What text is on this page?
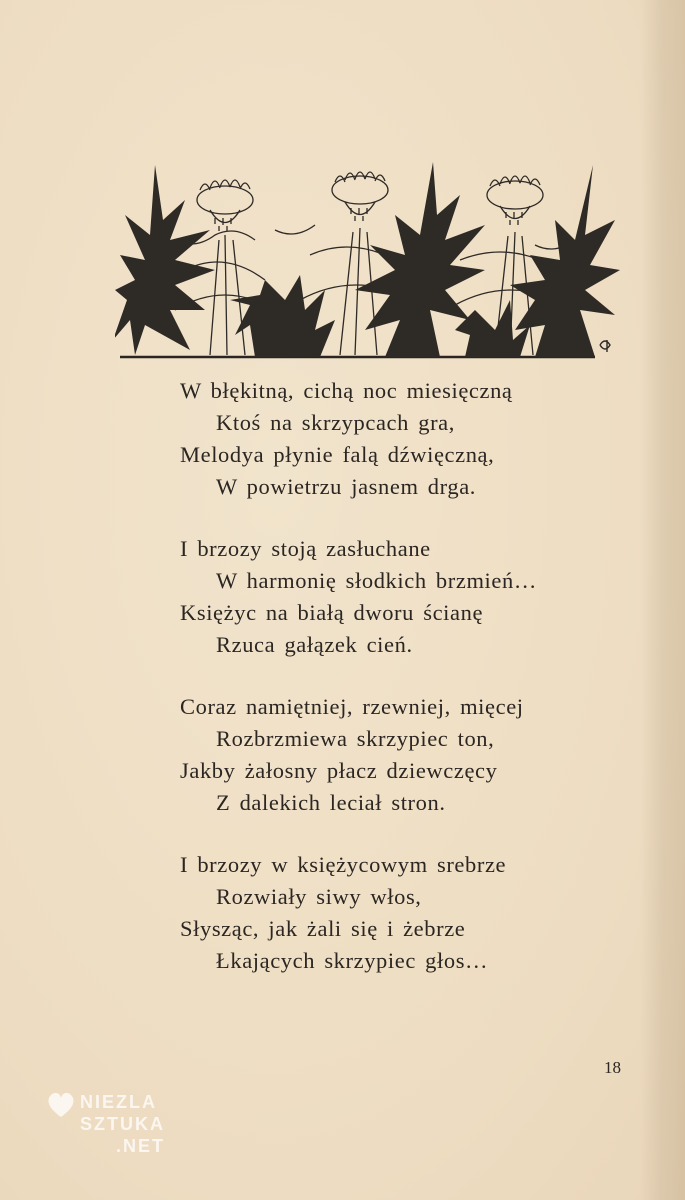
W błękitną, cichą noc miesięczną
Ktoś na skrzypcach gra,
Melodya płynie falą dźwięczną,
W powietrzu jasnem drga.
I brzozy stoją zasłuchane
W harmonię słodkich brzmień…
Księżyc na białą dworu ścianę
Rzuca gałązek cień.
Coraz namiętniej, rzewniej, mięcej
Rozbrzmiewa skrzypiec ton,
Jakby żałosny płacz dziewczęcy
Z dalekich leciał stron.
I brzozy w księżycowym srebrze
Rozwiały siwy włos,
Słysząc, jak żali się i żebrze
Łkających skrzypiec głos…
18
NIEZLA
SZTUKA
.NET
